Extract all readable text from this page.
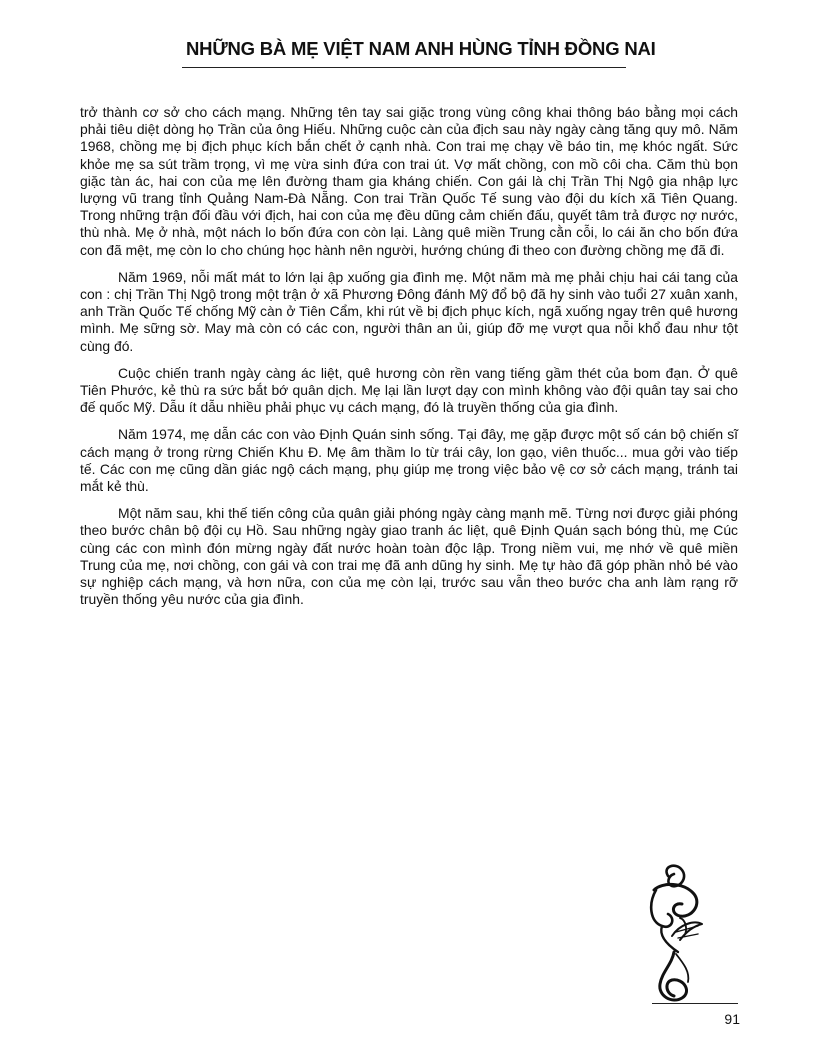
NHỮNG BÀ MẸ VIỆT NAM ANH HÙNG TỈNH ĐỒNG NAI

trở thành cơ sở cho cách mạng. Những tên tay sai giặc trong vùng công khai thông báo bằng mọi cách phải tiêu diệt dòng họ Trần của ông Hiếu. Những cuộc càn của địch sau này ngày càng tăng quy mô. Năm 1968, chồng mẹ bị địch phục kích bắn chết ở cạnh nhà. Con trai mẹ chạy về báo tin, mẹ khóc ngất. Sức khỏe mẹ sa sút trầm trọng, vì mẹ vừa sinh đứa con trai út. Vợ mất chồng, con mồ côi cha. Căm thù bọn giặc tàn ác, hai con của mẹ lên đường tham gia kháng chiến. Con gái là chị Trần Thị Ngộ gia nhập lực lượng vũ trang tỉnh Quảng Nam-Đà Nẵng. Con trai Trần Quốc Tế sung vào đội du kích xã Tiên Quang. Trong những trận đối đầu với địch, hai con của mẹ đều dũng cảm chiến đấu, quyết tâm trả được nợ nước, thù nhà. Mẹ ở nhà, một nách lo bốn đứa con còn lại. Làng quê miền Trung cằn cỗi, lo cái ăn cho bốn đứa con đã mệt, mẹ còn lo cho chúng học hành nên người, hướng chúng đi theo con đường chồng mẹ đã đi.

Năm 1969, nỗi mất mát to lớn lại ập xuống gia đình mẹ. Một năm mà mẹ phải chịu hai cái tang của con : chị Trần Thị Ngộ trong một trận ở xã Phương Đông đánh Mỹ đổ bộ đã hy sinh vào tuổi 27 xuân xanh, anh Trần Quốc Tế chống Mỹ càn ở Tiên Cẩm, khi rút về bị địch phục kích, ngã xuống ngay trên quê hương mình. Mẹ sững sờ. May mà còn có các con, người thân an ủi, giúp đỡ mẹ vượt qua nỗi khổ đau như tột cùng đó.

Cuộc chiến tranh ngày càng ác liệt, quê hương còn rền vang tiếng gầm thét của bom đạn. Ở quê Tiên Phước, kẻ thù ra sức bắt bớ quân dịch. Mẹ lại lần lượt dạy con mình không vào đội quân tay sai cho đế quốc Mỹ. Dẫu ít dẫu nhiều phải phục vụ cách mạng, đó là truyền thống của gia đình.

Năm 1974, mẹ dẫn các con vào Định Quán sinh sống. Tại đây, mẹ gặp được một số cán bộ chiến sĩ cách mạng ở trong rừng Chiến Khu Đ. Mẹ âm thầm lo từ trái cây, lon gạo, viên thuốc... mua gởi vào tiếp tế. Các con mẹ cũng dần giác ngộ cách mạng, phụ giúp mẹ trong việc bảo vệ cơ sở cách mạng, tránh tai mắt kẻ thù.

Một năm sau, khi thế tiến công của quân giải phóng ngày càng mạnh mẽ. Từng nơi được giải phóng theo bước chân bộ đội cụ Hồ. Sau những ngày giao tranh ác liệt, quê Định Quán sạch bóng thù, mẹ Cúc cùng các con mình đón mừng ngày đất nước hoàn toàn độc lập. Trong niềm vui, mẹ nhớ về quê miền Trung của mẹ, nơi chồng, con gái và con trai mẹ đã anh dũng hy sinh. Mẹ tự hào đã góp phần nhỏ bé vào sự nghiệp cách mạng, và hơn nữa, con của mẹ còn lại, trước sau vẫn theo bước cha anh làm rạng rỡ truyền thống yêu nước của gia đình.

91
